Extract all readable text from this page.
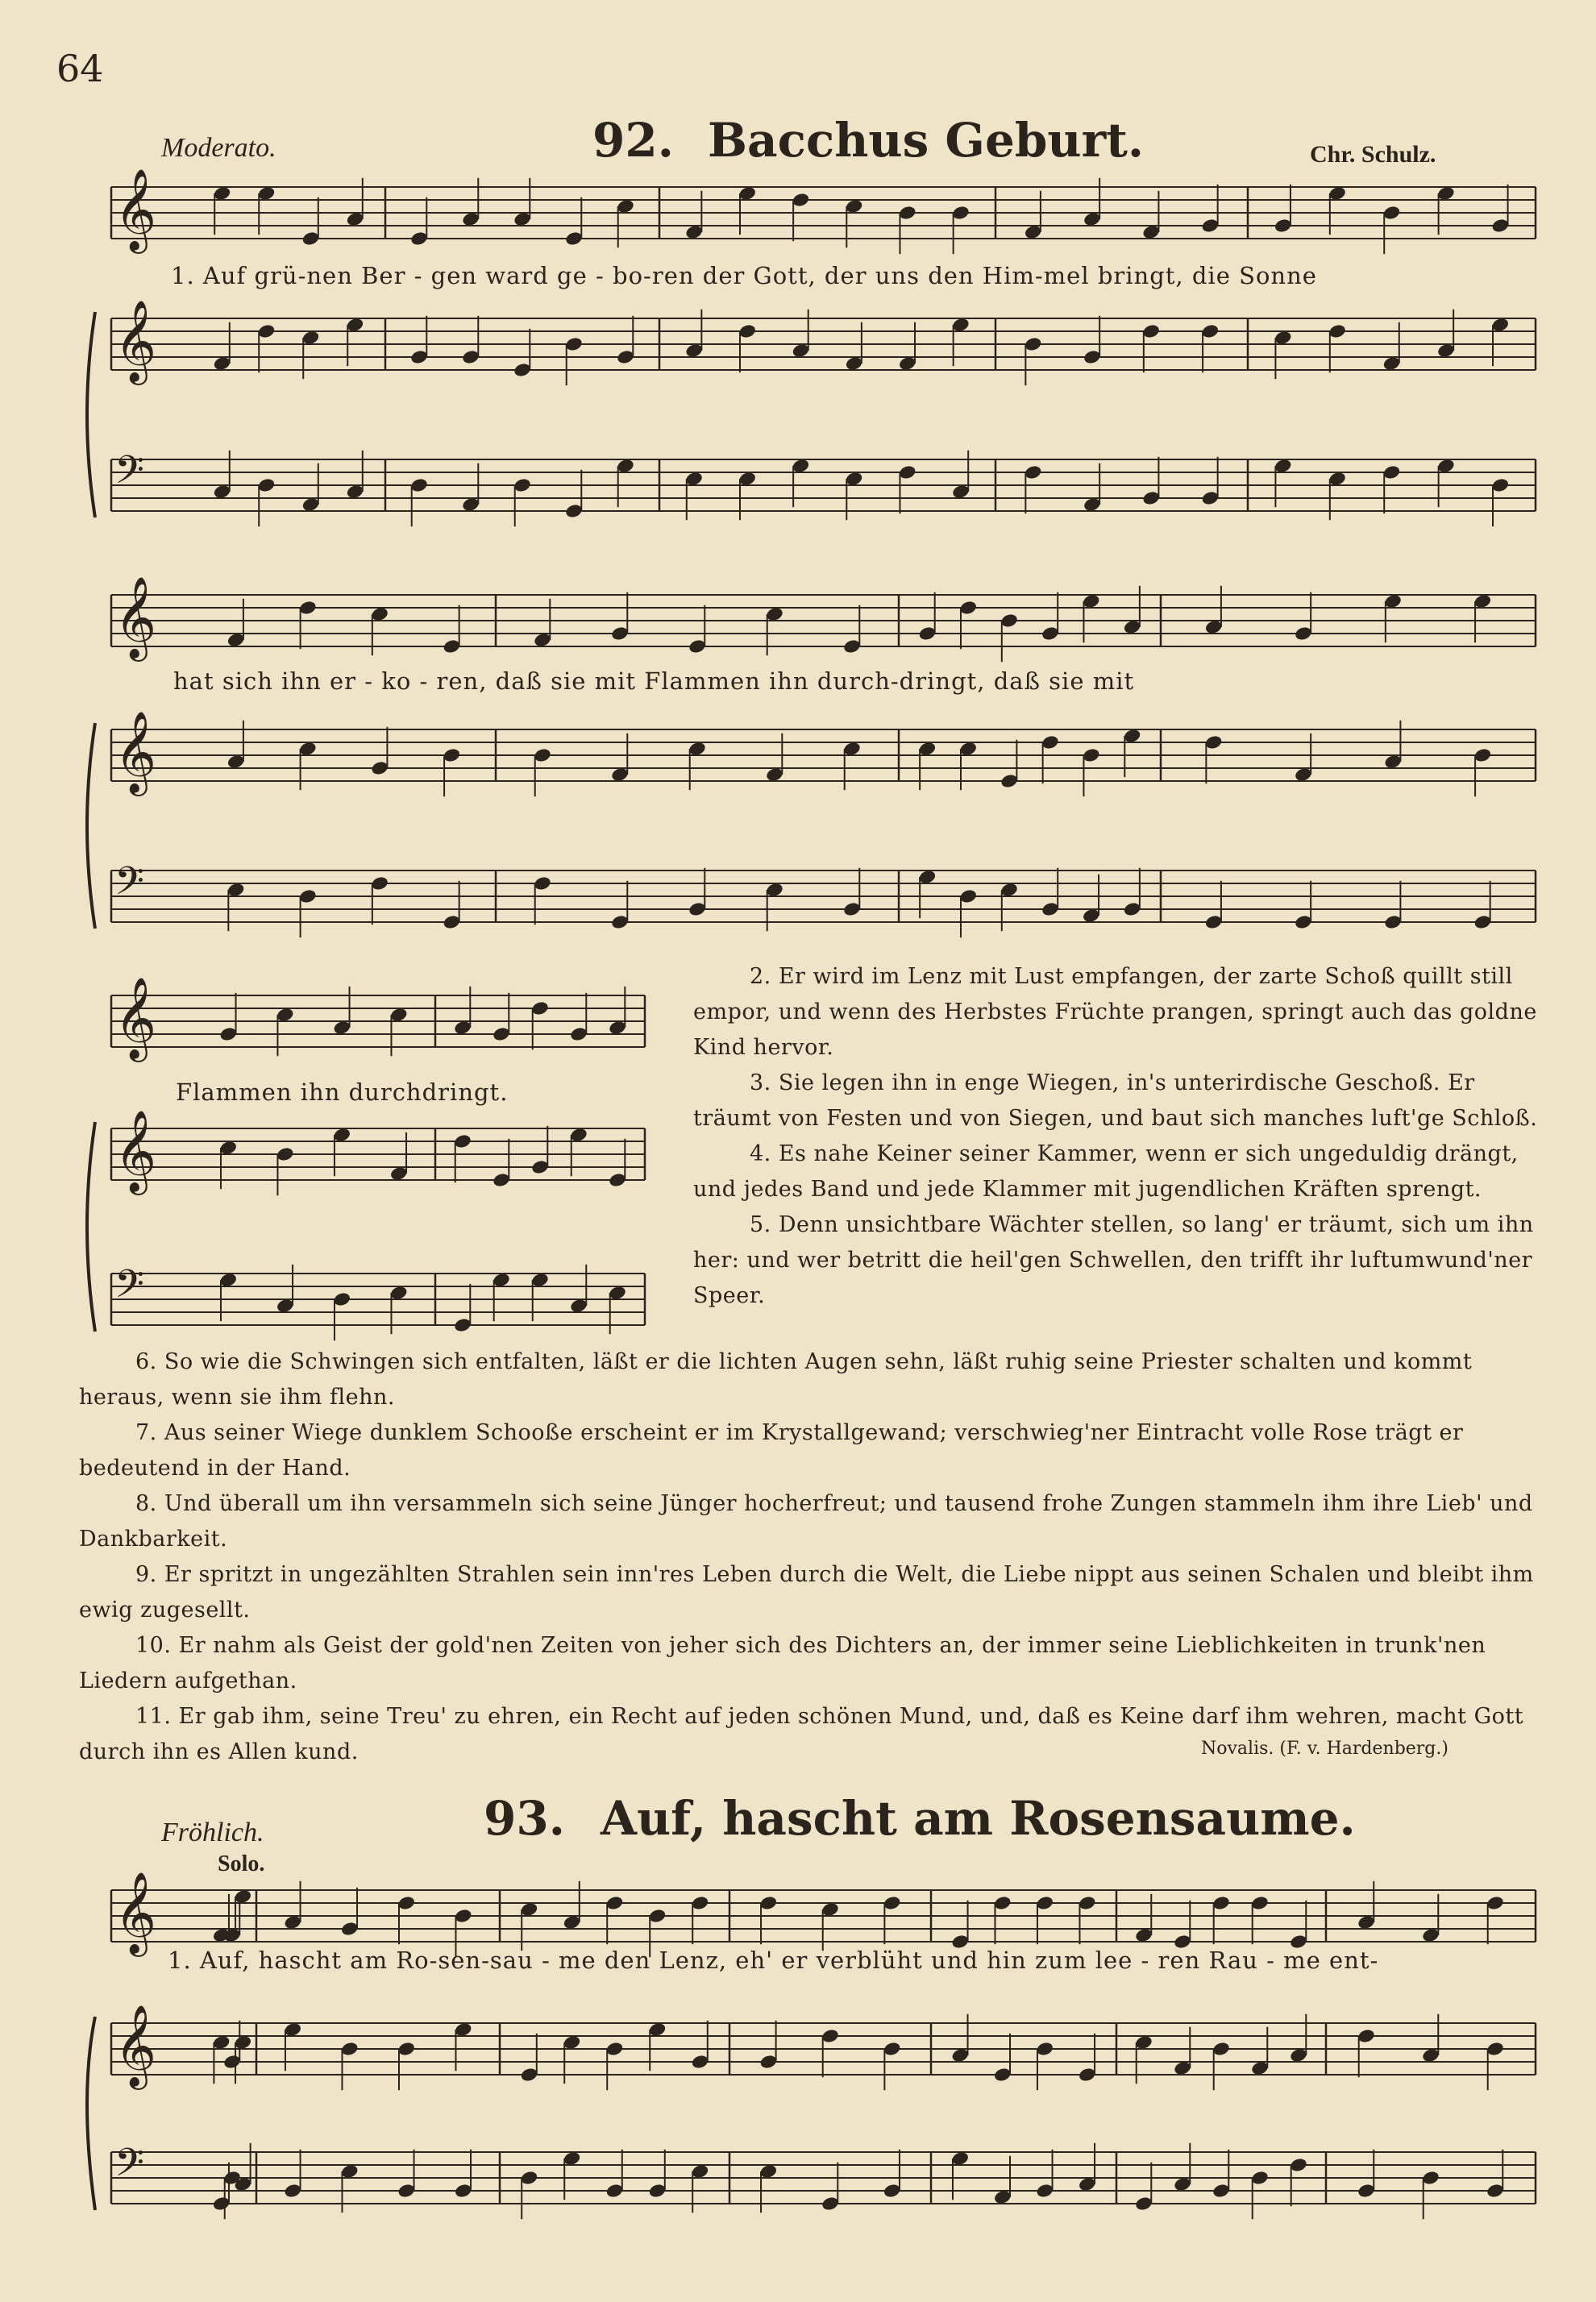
𝄞
𝄞
𝄢
𝄞
𝄞
𝄢
𝄞
𝄞
𝄢
𝄞
𝄞
𝄢
64
Moderato.	92. Bacchus Geburt.	Chr. Schulz.
1. Auf grü-nen Ber - gen ward ge - bo-ren der Gott, der uns den Him-mel bringt, die Sonne
hat sich ihn er - ko - ren, daß sie mit Flammen ihn durch-dringt, daß sie mit
Flammen ihn durchdringt.

2. Er wird im Lenz mit Lust empfangen, der zarte Schoß quillt still empor, und wenn des Herbstes Früchte prangen, springt auch das goldne Kind hervor.

3. Sie legen ihn in enge Wiegen, in's unterirdische Geschoß. Er träumt von Festen und von Siegen, und baut sich manches luft'ge Schloß.

4. Es nahe Keiner seiner Kammer, wenn er sich ungeduldig drängt, und jedes Band und jede Klammer mit jugendlichen Kräften sprengt.

5. Denn unsichtbare Wächter stellen, so lang' er träumt, sich um ihn her: und wer betritt die heil'gen Schwellen, den trifft ihr luftumwund'ner Speer.

6. So wie die Schwingen sich entfalten, läßt er die lichten Augen sehn, läßt ruhig seine Priester schalten und kommt heraus, wenn sie ihm flehn.

7. Aus seiner Wiege dunklem Schooße erscheint er im Krystallgewand; verschwieg'ner Eintracht volle Rose trägt er bedeutend in der Hand.

8. Und überall um ihn versammeln sich seine Jünger hocherfreut; und tausend frohe Zungen stammeln ihm ihre Lieb' und Dankbarkeit.

9. Er spritzt in ungezählten Strahlen sein inn'res Leben durch die Welt, die Liebe nippt aus seinen Schalen und bleibt ihm ewig zugesellt.

10. Er nahm als Geist der gold'nen Zeiten von jeher sich des Dichters an, der immer seine Lieblichkeiten in trunk'nen Liedern aufgethan.

11. Er gab ihm, seine Treu' zu ehren, ein Recht auf jeden schönen Mund, und, daß es Keine darf ihm wehren, macht Gott durch ihn es Allen kund.	Novalis. (F. v. Hardenberg.)
Fröhlich.
Solo.
93. Auf, hascht am Rosensaume.
1. Auf, hascht am Ro-sen-sau - me den Lenz, eh' er verblüht und hin zum lee - ren Rau - me ent-
